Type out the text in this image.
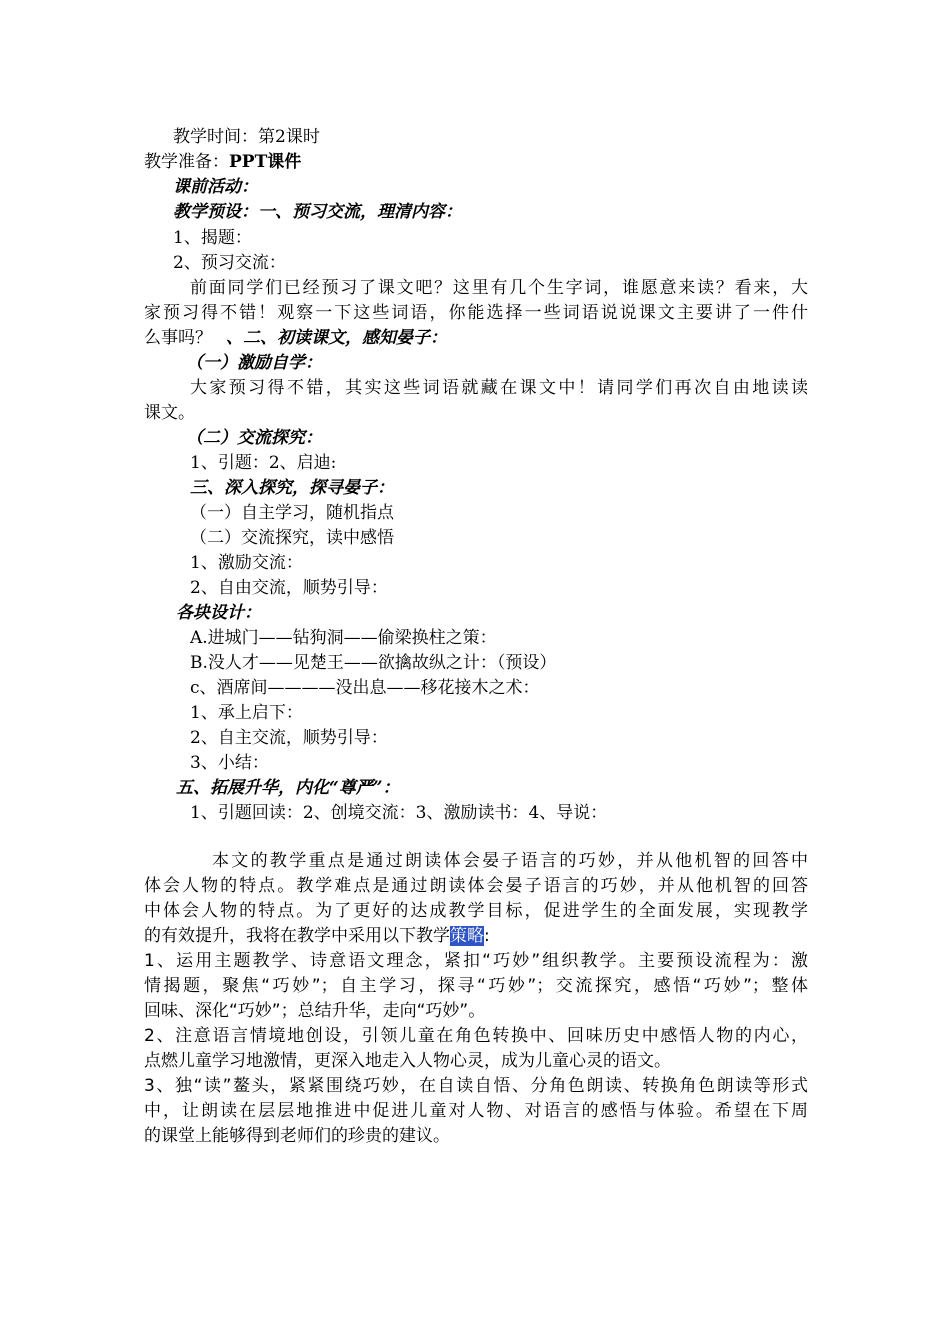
教学时间：第2课时
教学准备：PPT课件
课前活动：
教学预设：一、预习交流，理清内容：
1、揭题：
2、预习交流：
前面同学们已经预习了课文吧？这里有几个生字词，谁愿意来读？看来，大
家预习得不错！观察一下这些词语，你能选择一些词语说说课文主要讲了一件什
么事吗？ 、二、初读课文，感知晏子：
（一）激励自学：
大家预习得不错，其实这些词语就藏在课文中！请同学们再次自由地读读
课文。
（二）交流探究：
1、引题：2、启迪:
三、深入探究，探寻晏子：
（一）自主学习，随机指点
（二）交流探究，读中感悟
1、激励交流：
2、自由交流，顺势引导：
各块设计：
A.进城门——钻狗洞——偷梁换柱之策：
B.没人才——见楚王——欲擒故纵之计：（预设）
c、酒席间————没出息——移花接木之术：
1、承上启下：
2、自主交流，顺势引导：
3、小结：
五、拓展升华，内化“尊严”：
1、引题回读：2、创境交流：3、激励读书：4、导说：
本文的教学重点是通过朗读体会晏子语言的巧妙，并从他机智的回答中
体会人物的特点。教学难点是通过朗读体会晏子语言的巧妙，并从他机智的回答
中体会人物的特点。为了更好的达成教学目标，促进学生的全面发展，实现教学
的有效提升，我将在教学中采用以下教学策略:
1、运用主题教学、诗意语文理念，紧扣“巧妙”组织教学。主要预设流程为：激
情揭题，聚焦“巧妙”；自主学习，探寻“巧妙”；交流探究，感悟“巧妙”；整体
回味、深化“巧妙”；总结升华，走向“巧妙”。
2、注意语言情境地创设，引领儿童在角色转换中、回味历史中感悟人物的内心，
点燃儿童学习地激情，更深入地走入人物心灵，成为儿童心灵的语文。
3、独“读”鳌头，紧紧围绕巧妙，在自读自悟、分角色朗读、转换角色朗读等形式
中，让朗读在层层地推进中促进儿童对人物、对语言的感悟与体验。希望在下周
的课堂上能够得到老师们的珍贵的建议。
